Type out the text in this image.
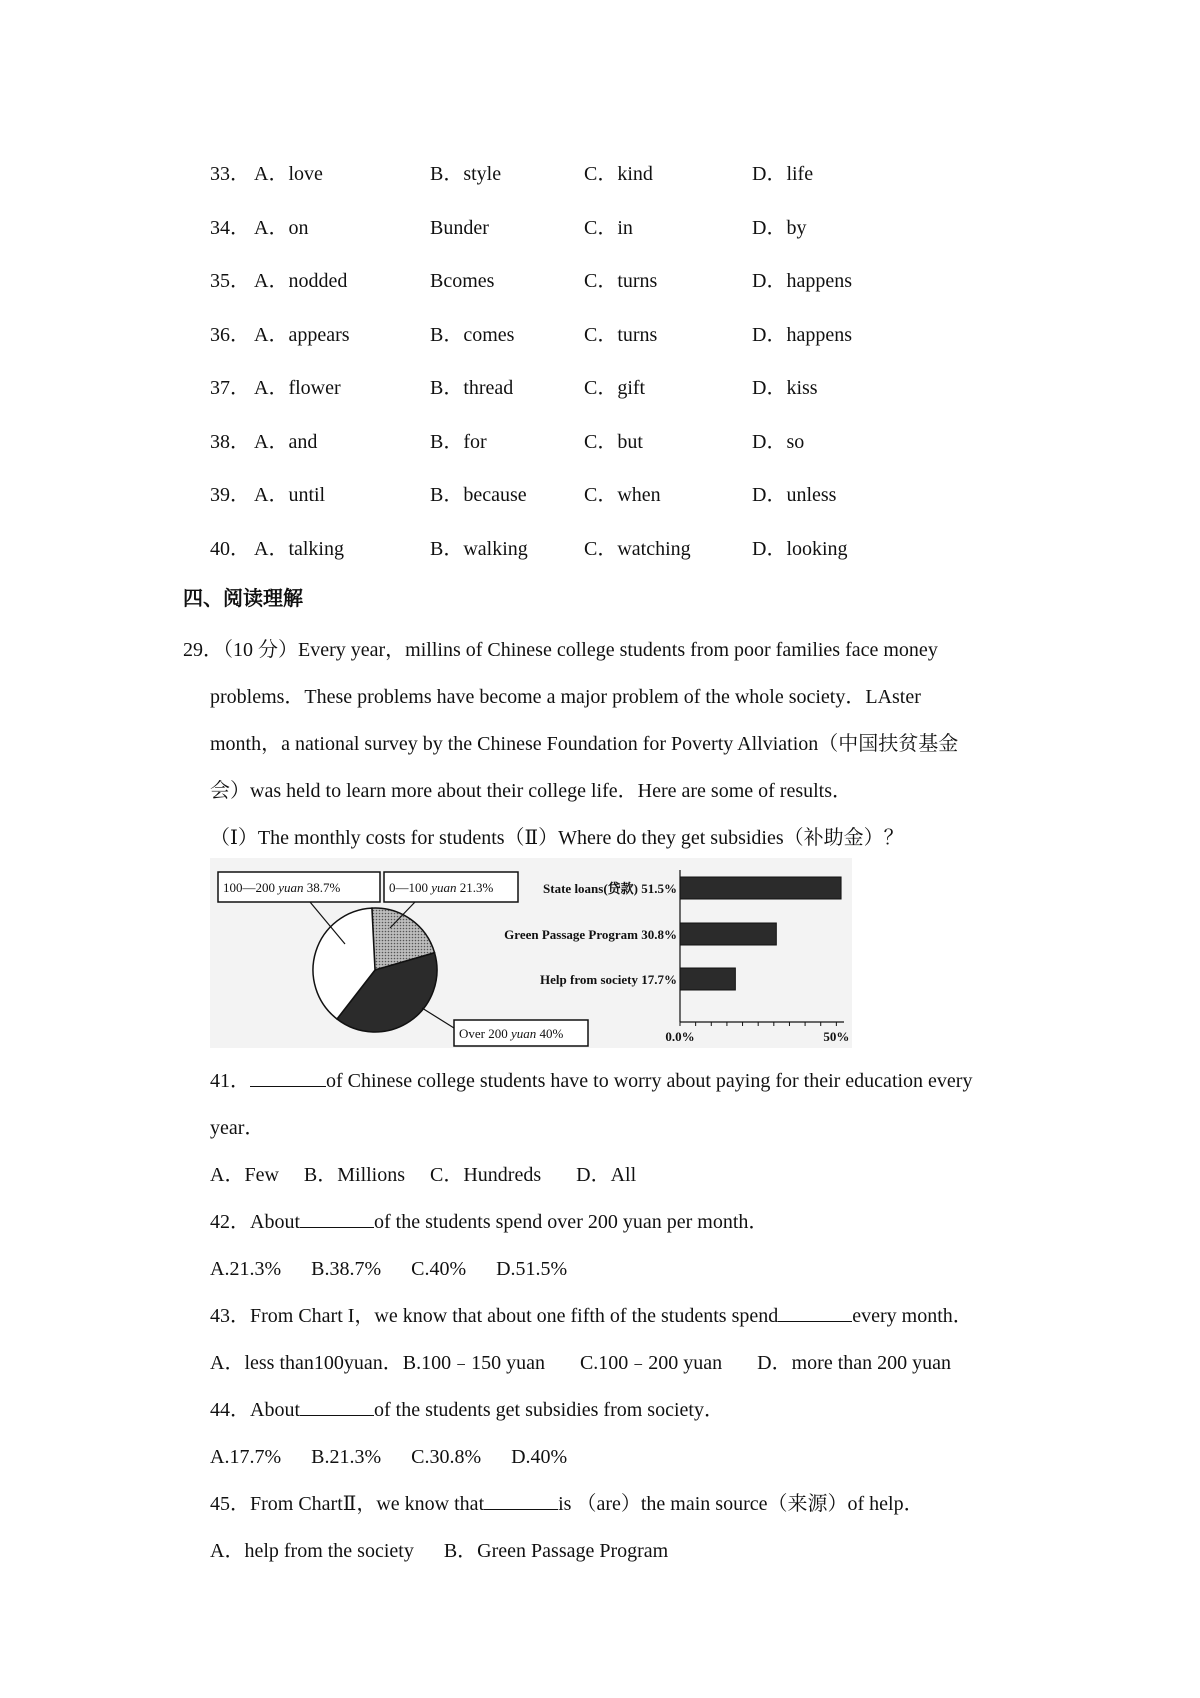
33． A．love	B．style	C．kind	D．life
34． A．on	Bunder	C．in	D．by
35． A．nodded	Bcomes	C．turns	D．happens
36． A．appears	B．comes	C．turns	D．happens
37． A．flower	B．thread	C．gift	D．kiss
38． A．and	B．for	C．but	D．so
39． A．until	B．because	C．when	D．unless
40． A．talking	B．walking	C．watching	D．looking
四、阅读理解
29．（10 分）Every year，millins of Chinese college students from poor families face money
problems．These problems have become a major problem of the whole society．LAster
month，a national survey by the Chinese Foundation for Poverty Allviation（中国扶贫基金
会）was held to learn more about their college life．Here are some of results．
（Ⅰ）The monthly costs for students（Ⅱ）Where do they get subsidies（补助金）？
100—200 yuan 38.7%	0—100 yuan 21.3%
Over 200 yuan 40%
State loans(贷款) 51.5%
Green Passage Program 30.8%
Help from society 17.7%
0.0%	50%
41．	of Chinese college students have to worry about paying for their education every
year．
A．Few     B．Millions     C．Hundreds       D．All
42．About	of the students spend over 200 yuan per month．
A.21.3%      B.38.7%      C.40%      D.51.5%
43．From Chart I，we know that about one fifth of the students spend	every month．
A．less than100yuan．B.100﹣150 yuan       C.100﹣200 yuan       D．more than 200 yuan
44．About	of the students get subsidies from society．
A.17.7%      B.21.3%      C.30.8%      D.40%
45．From ChartⅡ，we know that	is （are）the main source（来源）of help．
A．help from the society      B．Green Passage Program
